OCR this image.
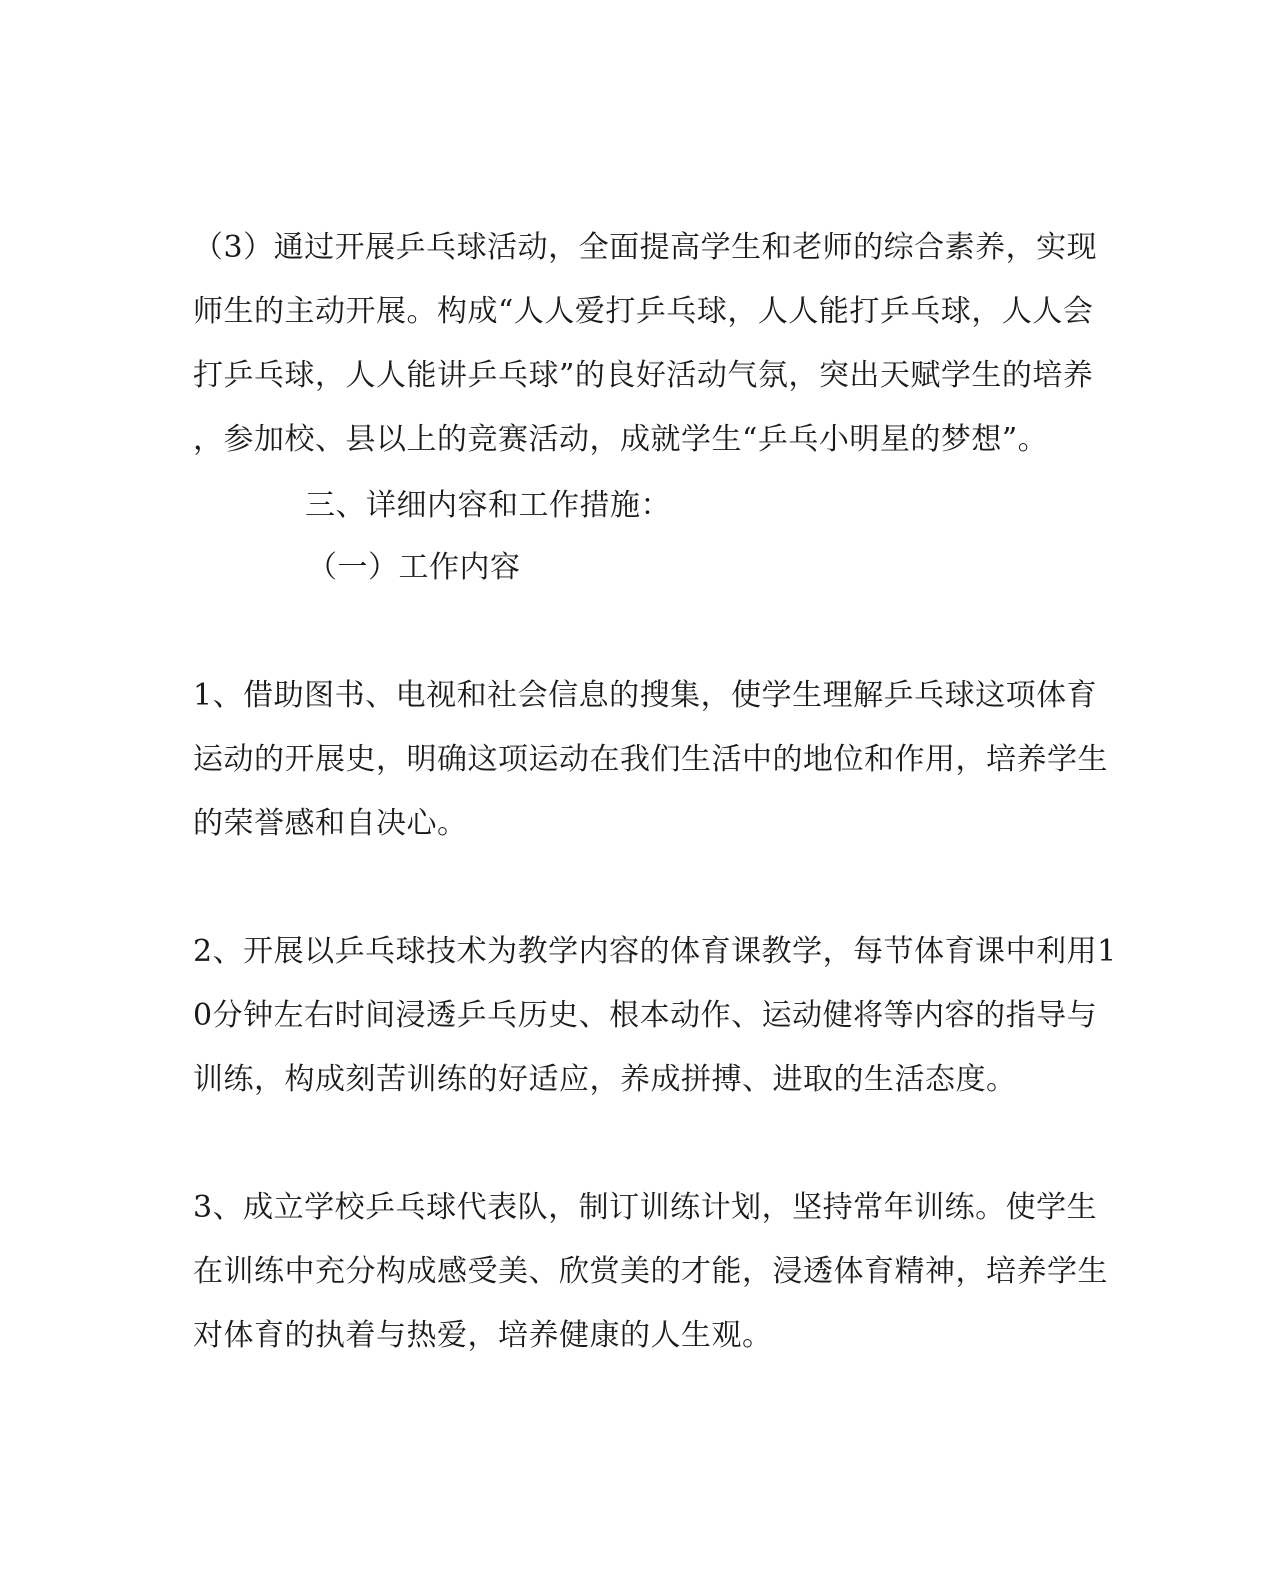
（3）通过开展乒乓球活动，全面提高学生和老师的综合素养，实现
师生的主动开展。构成“人人爱打乒乓球，人人能打乒乓球，人人会
打乒乓球，人人能讲乒乓球”的良好活动气氛，突出天赋学生的培养
，参加校、县以上的竞赛活动，成就学生“乒乓小明星的梦想”。
三、详细内容和工作措施：
（一）工作内容
1、借助图书、电视和社会信息的搜集，使学生理解乒乓球这项体育
运动的开展史，明确这项运动在我们生活中的地位和作用，培养学生
的荣誉感和自决心。
2、开展以乒乓球技术为教学内容的体育课教学，每节体育课中利用1
0分钟左右时间浸透乒乓历史、根本动作、运动健将等内容的指导与
训练，构成刻苦训练的好适应，养成拼搏、进取的生活态度。
3、成立学校乒乓球代表队，制订训练计划，坚持常年训练。使学生
在训练中充分构成感受美、欣赏美的才能，浸透体育精神，培养学生
对体育的执着与热爱，培养健康的人生观。
